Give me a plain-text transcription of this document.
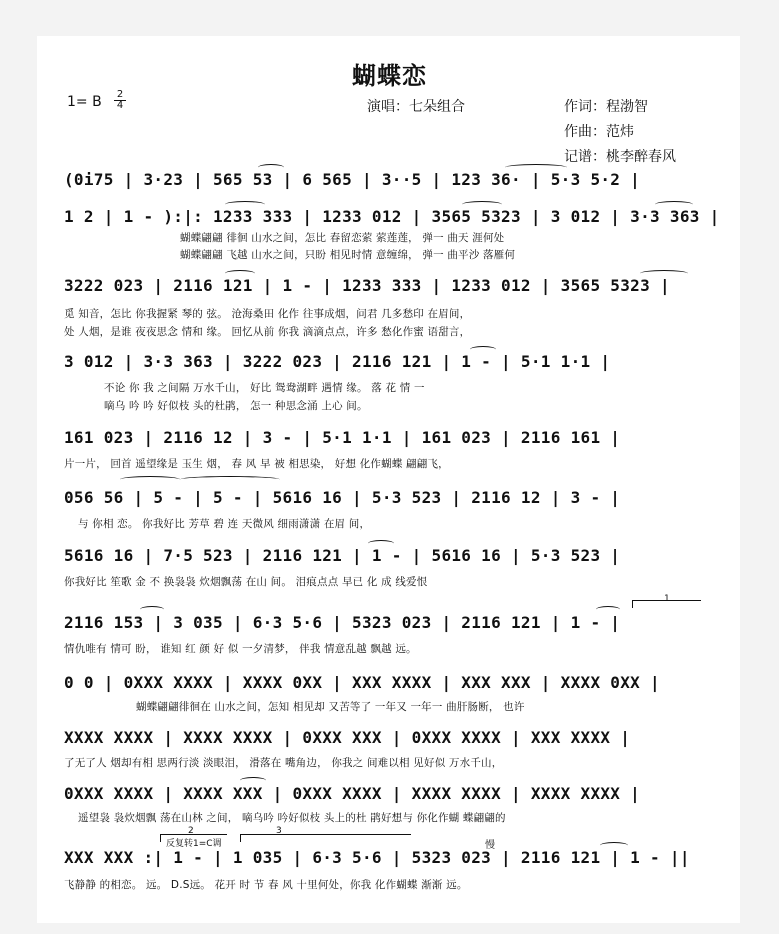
蝴蝶恋
1= B 2
4	演唱：七朵组合	作词：程渤智
作曲：范炜
记谱：桃李醉春风
(0i75 | 3·23 | 565 53 | 6 565 | 3··5 | 123 36· | 5·3 5·2 |
1 2 | 1 - ):|: 1233 333 | 1233 012 | 3565 5323 | 3 012 | 3·3 363 |
蝴蝶翩翩 徘徊 山水之间，怎比 春留恋萦 萦莲莲， 弹一 曲天 涯何处
蝴蝶翩翩 飞越 山水之间，只盼 相见时情 意缠绵， 弹一 曲平沙 落雁何
3222 023 | 2116 121 | 1 - | 1233 333 | 1233 012 | 3565 5323 |
觅 知音，怎比 你我握紧 琴的 弦。 沧海桑田 化作 往事成烟，问君 几多愁印 在眉间，
处 人烟，是谁 夜夜思念 情和 缘。 回忆从前 你我 滴滴点点，许多 愁化作蜜 语甜言，
3 012 | 3·3 363 | 3222 023 | 2116 121 | 1 - | 5·1 1·1 |
不论 你 我 之间隔 万水千山， 好比 鸳鸯湖畔 遇情 缘。 落 花 情 一
嘀乌 吟 吟 好似枝 头的杜鹃， 怎一 种思念涌 上心 间。
161 023 | 2116 12 | 3 - | 5·1 1·1 | 161 023 | 2116 161 |
片一片， 回首 遥望缘是 玉生 烟， 春 风 早 被 相思染， 好想 化作蝴蝶 翩翩飞，
056 56 | 5 - | 5 - | 5616 16 | 5·3 523 | 2116 12 | 3 - |
与 你相 恋。 你我好比 芳草 碧 连 天微风 细雨潇潇 在眉 间，
5616 16 | 7·5 523 | 2116 121 | 1 - | 5616 16 | 5·3 523 |
你我好比 笙歌 金 不 换袅袅 炊烟飘荡 在山 间。 泪痕点点 早已 化 成 线爱恨
2116 153 | 3 035 | 6·3 5·6 | 5323 023 | 2116 121 | 1 - |
情仇唯有 情可 盼， 谁知 红 颜 好 似 一夕清梦， 伴我 情意乱越 飘越 远。
0 0 | 0XXX XXXX | XXXX 0XX | XXX XXXX | XXX XXX | XXXX 0XX |
蝴蝶翩翩徘徊在 山水之间，怎知 相见却 又苦等了 一年又 一年一 曲肝肠断， 也许
XXXX XXXX | XXXX XXXX | 0XXX XXX | 0XXX XXXX | XXX XXXX |
了无了人 烟却有相 思两行淡 淡眼泪， 滑落在 嘴角边， 你我之 间难以相 见好似 万水千山，
0XXX XXXX | XXXX XXX | 0XXX XXXX | XXXX XXXX | XXXX XXXX |
遥望袅 袅炊烟飘 荡在山林 之间， 嘀乌吟 吟好似枝 头上的杜 鹃好想与 你化作蝴 蝶翩翩的
XXX XXX :| 1 - | 1 035 | 6·3 5·6 | 5323 023 | 2116 121 | 1 - ||
飞静静 的相恋。 远。 D.S远。 花开 时 节 春 风 十里何处，你我 化作蝴蝶 渐渐 远。
1
2
反复转1=C调
3
慢
